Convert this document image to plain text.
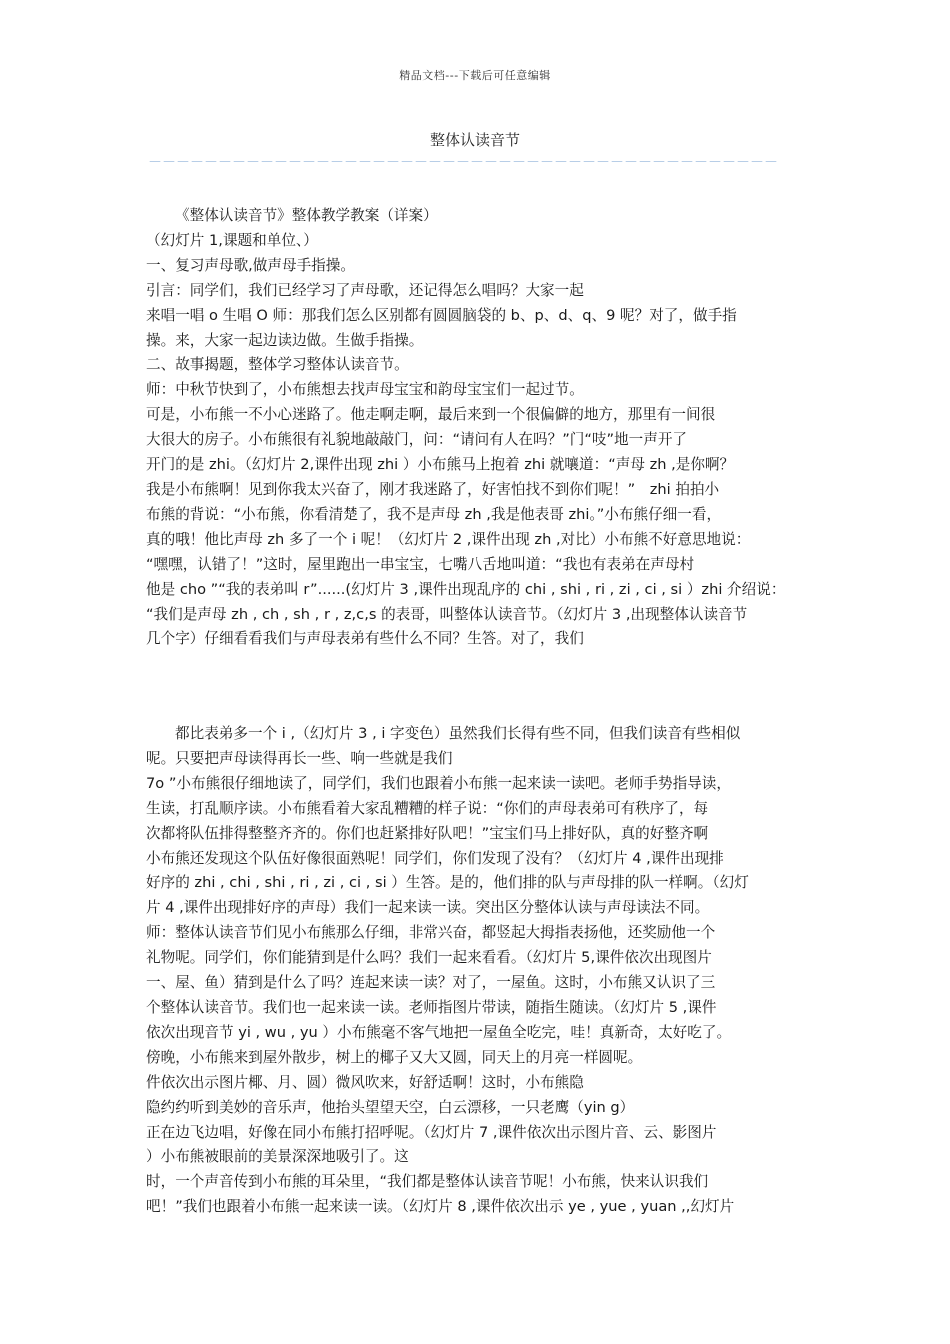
精品文档---下载后可任意编辑
整体认读音节
－－－－－－－－－－－－－－－－－－－－－－－－－－－－－－－－－－－－－－－－－－－－－

《整体认读音节》整体教学教案（详案）

（幻灯片 1,课题和单位、）

一、复习声母歌,做声母手指操。

引言：同学们，我们已经学习了声母歌，还记得怎么唱吗？大家一起

来唱一唱 o 生唱 O 师：那我们怎么区别都有圆圆脑袋的 b、p、d、q、9 呢？对了，做手指

操。来，大家一起边读边做。生做手指操。

二、故事揭题，整体学习整体认读音节。

师：中秋节快到了，小布熊想去找声母宝宝和韵母宝宝们一起过节。

可是，小布熊一不小心迷路了。他走啊走啊，最后来到一个很偏僻的地方，那里有一间很

大很大的房子。小布熊很有礼貌地敲敲门，问：“请问有人在吗？”门“吱”地一声开了

开门的是 zhi。（幻灯片 2,课件出现 zhi ）小布熊马上抱着 zhi 就嚷道：“声母 zh ,是你啊？

我是小布熊啊！见到你我太兴奋了，刚才我迷路了，好害怕找不到你们呢！”　zhi 拍拍小

布熊的背说：“小布熊，你看清楚了，我不是声母 zh ,我是他表哥 zhi。”小布熊仔细一看，

真的哦！他比声母 zh 多了一个 i 呢！（幻灯片 2 ,课件出现 zh ,对比）小布熊不好意思地说：

“嘿嘿，认错了！”这时，屋里跑出一串宝宝，七嘴八舌地叫道：“我也有表弟在声母村

他是 cho ”“我的表弟叫 r”......(幻灯片 3 ,课件出现乱序的 chi , shi , ri , zi , ci , si ）zhi 介绍说：

“我们是声母 zh , ch , sh , r , z,c,s 的表哥，叫整体认读音节。（幻灯片 3 ,出现整体认读音节

几个字）仔细看看我们与声母表弟有些什么不同？生答。对了，我们

都比表弟多一个 i ,（幻灯片 3 , i 字变色）虽然我们长得有些不同，但我们读音有些相似

呢。只要把声母读得再长一些、响一些就是我们

7o ”小布熊很仔细地读了，同学们，我们也跟着小布熊一起来读一读吧。老师手势指导读，

生读，打乱顺序读。小布熊看着大家乱糟糟的样子说：“你们的声母表弟可有秩序了，每

次都将队伍排得整整齐齐的。你们也赶紧排好队吧！”宝宝们马上排好队，真的好整齐啊

小布熊还发现这个队伍好像很面熟呢！同学们，你们发现了没有？（幻灯片 4 ,课件出现排

好序的 zhi , chi , shi , ri , zi , ci , si ）生答。是的，他们排的队与声母排的队一样啊。（幻灯

片 4 ,课件出现排好序的声母）我们一起来读一读。突出区分整体认读与声母读法不同。

师：整体认读音节们见小布熊那么仔细，非常兴奋，都竖起大拇指表扬他，还奖励他一个

礼物呢。同学们，你们能猜到是什么吗？我们一起来看看。（幻灯片 5,课件依次出现图片

一、屋、鱼）猜到是什么了吗？连起来读一读？对了，一屋鱼。这时，小布熊又认识了三

个整体认读音节。我们也一起来读一读。老师指图片带读，随指生随读。（幻灯片 5 ,课件

依次出现音节 yi , wu , yu ）小布熊毫不客气地把一屋鱼全吃完，哇！真新奇，太好吃了。

傍晚，小布熊来到屋外散步，树上的椰子又大又圆，同天上的月亮一样圆呢。

件依次出示图片椰、月、圆）微风吹来，好舒适啊！这时，小布熊隐

隐约约听到美妙的音乐声，他抬头望望天空，白云漂移，一只老鹰（yin g）

正在边飞边唱，好像在同小布熊打招呼呢。（幻灯片 7 ,课件依次出示图片音、云、影图片

）小布熊被眼前的美景深深地吸引了。这

时，一个声音传到小布熊的耳朵里，“我们都是整体认读音节呢！小布熊，快来认识我们

吧！”我们也跟着小布熊一起来读一读。（幻灯片 8 ,课件依次出示 ye , yue , yuan ,,幻灯片
